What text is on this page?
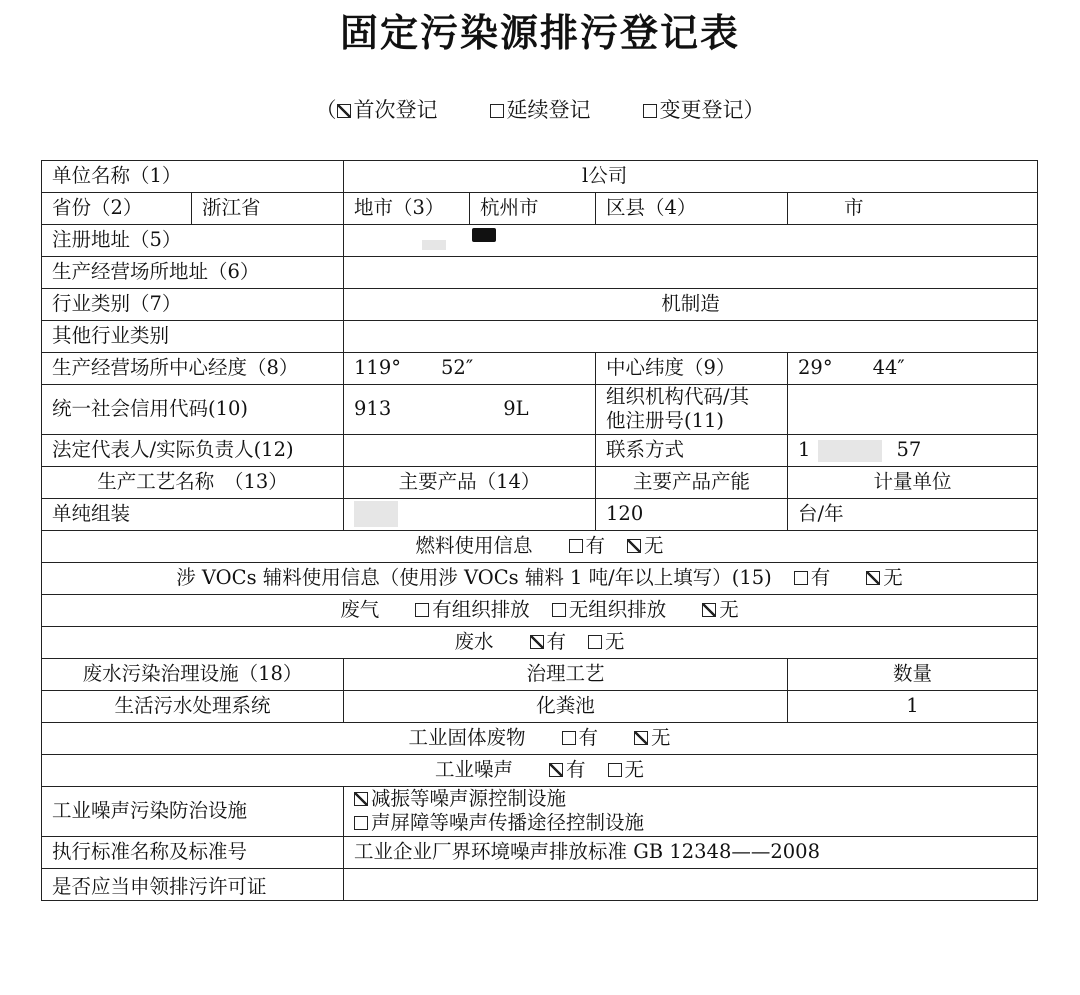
固定污染源排污登记表
（ 首次登记	延续登记	变更登记）
单位名称（1）		l公司			
省份（2）	浙江省	地市（3）	杭州市	区县（4）	市
注册地址（5）					
生产经营场所地址（6）					
行业类别（7）		机制造			
其他行业类别					
生产经营场所中心经度（8）		119° 52″		中心纬度（9）	29° 44″
统一社会信用代码(10)		913 9L		组织机构代码/其
他注册号(11)	
法定代表人/实际负责人(12)				联系方式	1 57
生产工艺名称　（13）		主要产品（14）		主要产品产能	计量单位
单纯组装				120	台/年
燃料使用信息 有 无					
涉 VOCs 辅料使用信息（使用涉 VOCs 辅料 1 吨/年以上填写）(15) 有 无					
废气 有组织排放 无组织排放 无					
废水 有 无					
废水污染治理设施（18）		治理工艺			数量
生活污水处理系统		化粪池			1
工业固体废物 有 无					
工业噪声 有 无					
工业噪声污染防治设施		减振等噪声源控制设施
声屏障等噪声传播途径控制设施			

执行标准名称及标准号		工业企业厂界环境噪声排放标准 GB 12348——2008			
是否应当申领排污许可证					
